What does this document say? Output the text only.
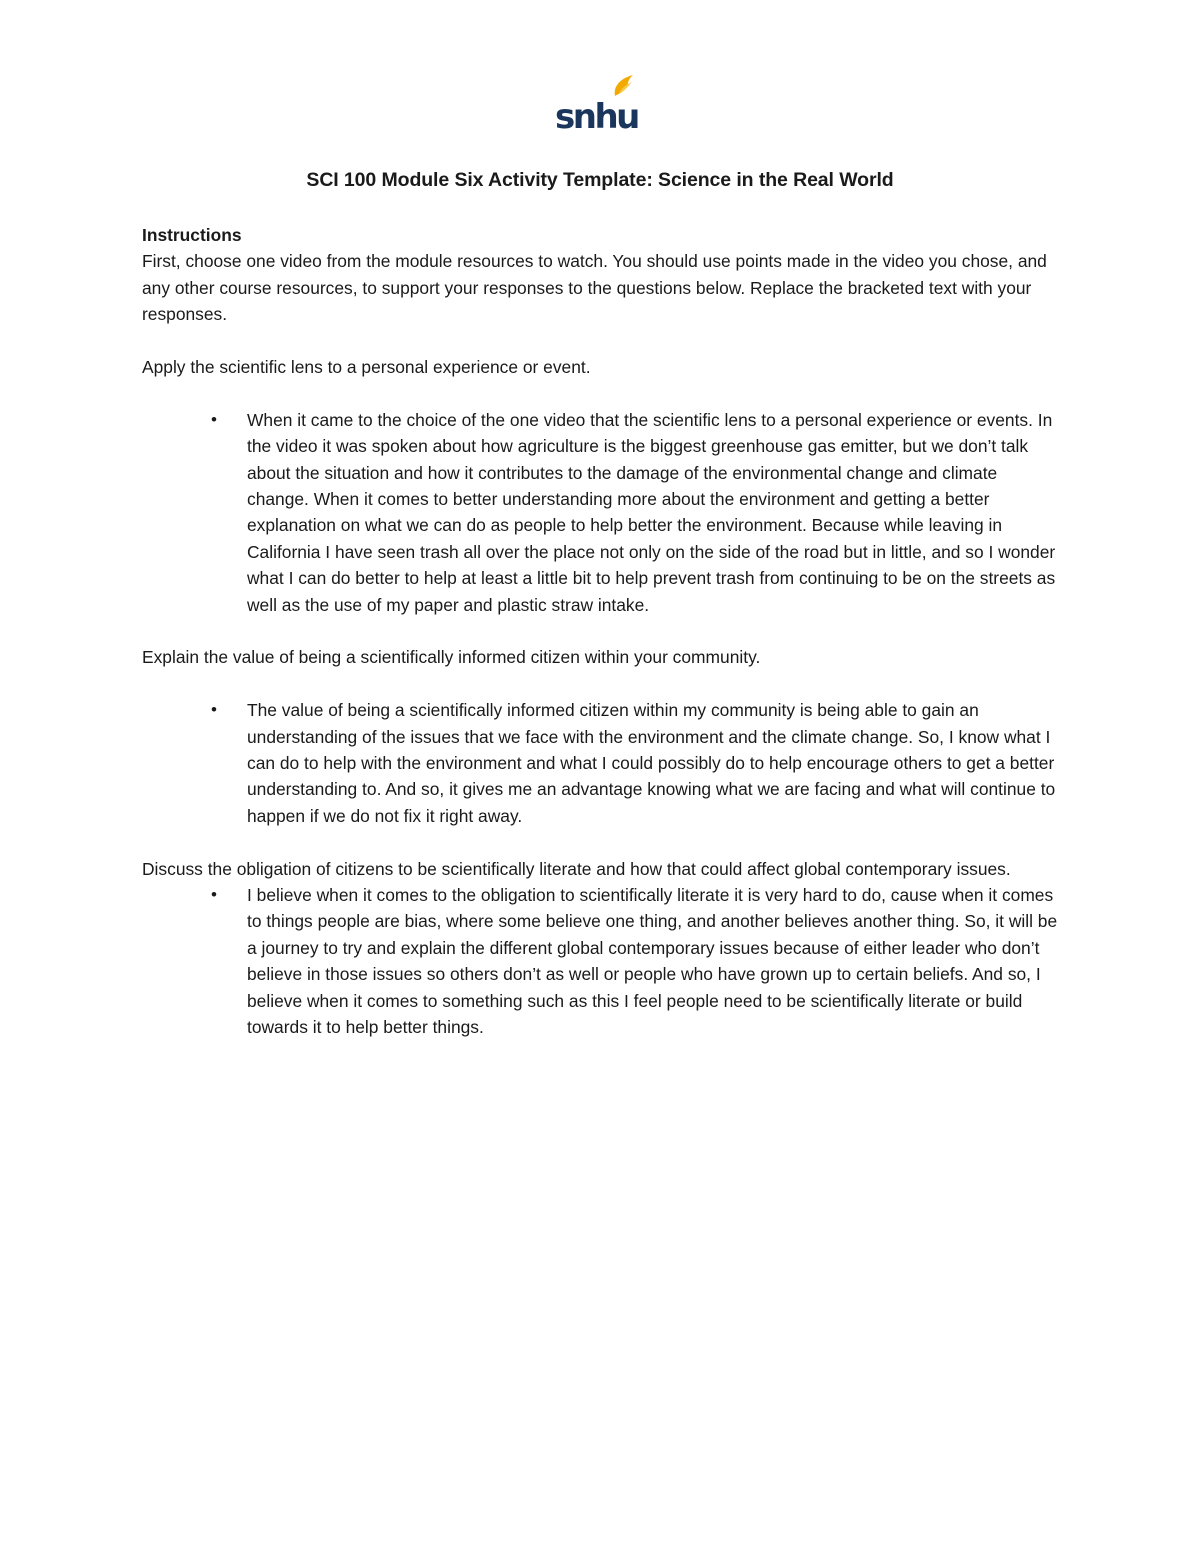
snhu
SCI 100 Module Six Activity Template: Science in the Real World

Instructions

First, choose one video from the module resources to watch. You should use points made in the video you chose, and any other course resources, to support your responses to the questions below. Replace the bracketed text with your responses.

Apply the scientific lens to a personal experience or event.

• When it came to the choice of the one video that the scientific lens to a personal experience or events. In the video it was spoken about how agriculture is the biggest greenhouse gas emitter, but we don’t talk about the situation and how it contributes to the damage of the environmental change and climate change. When it comes to better understanding more about the environment and getting a better explanation on what we can do as people to help better the environment. Because while leaving in California I have seen trash all over the place not only on the side of the road but in little, and so I wonder what I can do better to help at least a little bit to help prevent trash from continuing to be on the streets as well as the use of my paper and plastic straw intake.

Explain the value of being a scientifically informed citizen within your community.

• The value of being a scientifically informed citizen within my community is being able to gain an understanding of the issues that we face with the environment and the climate change. So, I know what I can do to help with the environment and what I could possibly do to help encourage others to get a better understanding to. And so, it gives me an advantage knowing what we are facing and what will continue to happen if we do not fix it right away.

Discuss the obligation of citizens to be scientifically literate and how that could affect global contemporary issues.

• I believe when it comes to the obligation to scientifically literate it is very hard to do, cause when it comes to things people are bias, where some believe one thing, and another believes another thing. So, it will be a journey to try and explain the different global contemporary issues because of either leader who don’t believe in those issues so others don’t as well or people who have grown up to certain beliefs. And so, I believe when it comes to something such as this I feel people need to be scientifically literate or build towards it to help better things.
